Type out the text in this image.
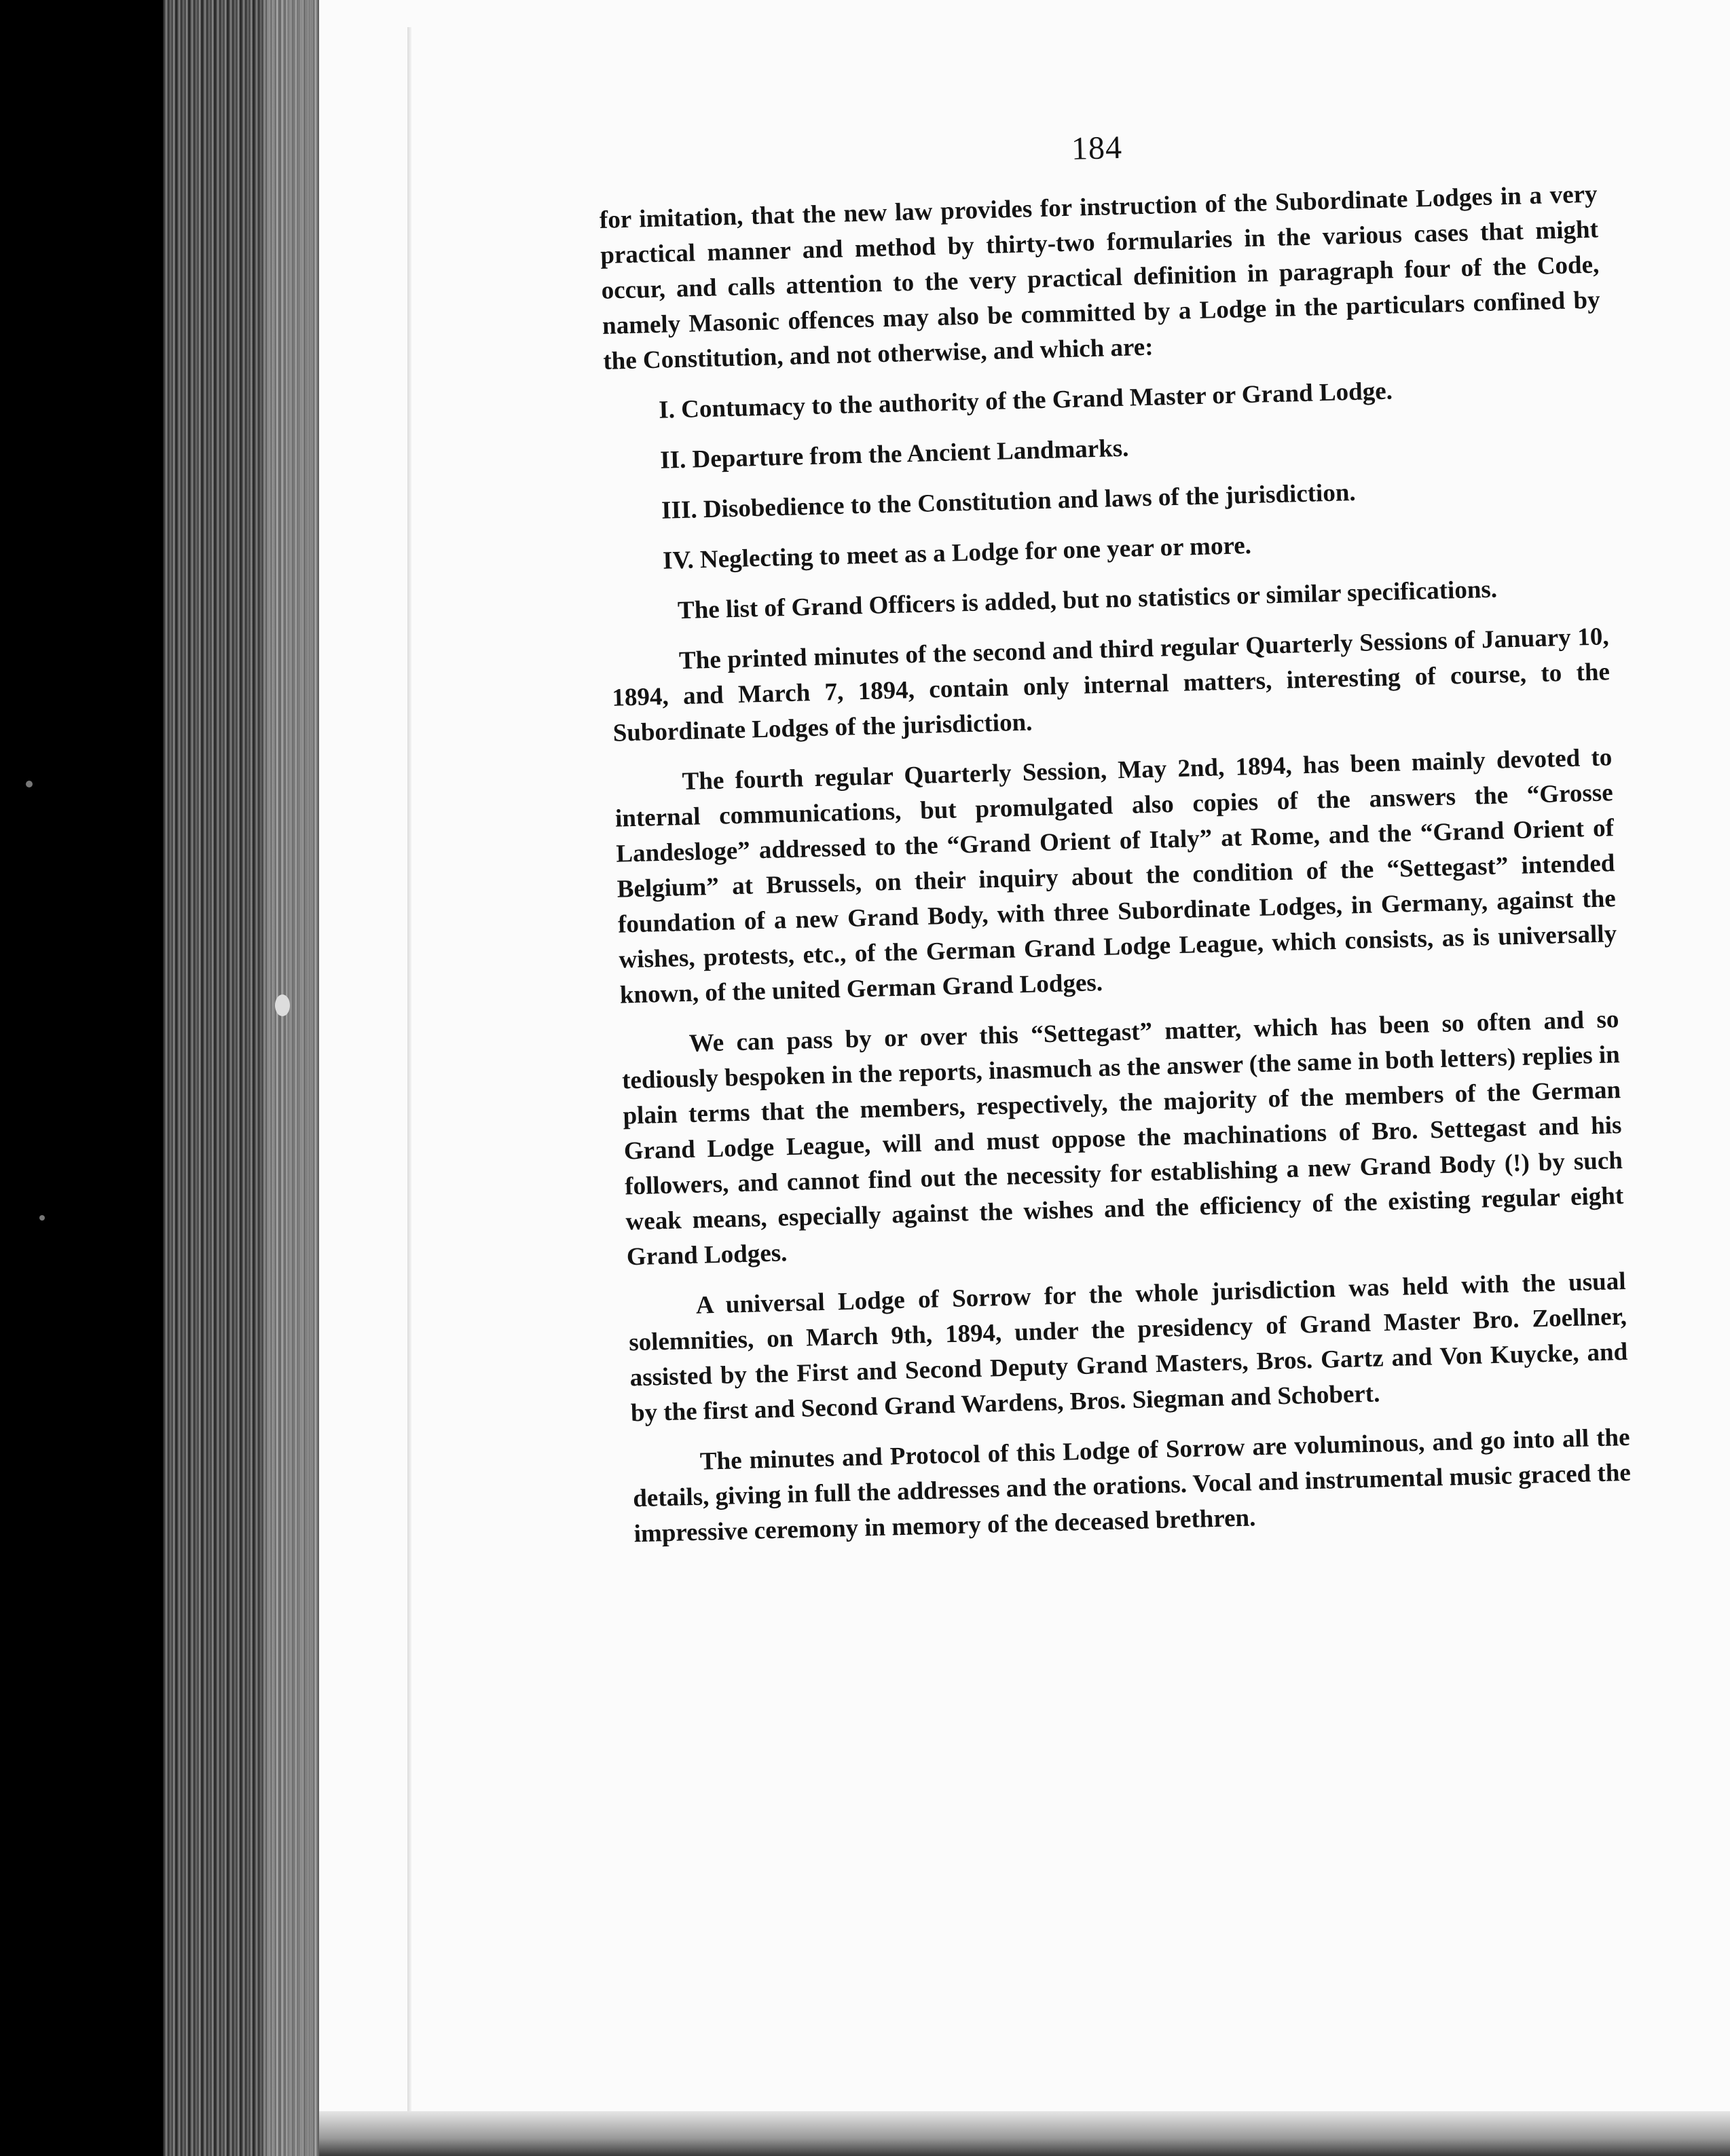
184

for imitation, that the new law provides for instruction of the Subordinate Lodges in a very practical manner and method by thirty-two formularies in the various cases that might occur, and calls attention to the very practical definition in paragraph four of the Code, namely Masonic offences may also be committed by a Lodge in the particulars confined by the Constitution, and not otherwise, and which are:

I. Contumacy to the authority of the Grand Master or Grand Lodge.

II. Departure from the Ancient Landmarks.

III. Disobedience to the Constitution and laws of the jurisdiction.

IV. Neglecting to meet as a Lodge for one year or more.

The list of Grand Officers is added, but no statistics or similar specifications.

The printed minutes of the second and third regular Quarterly Sessions of January 10, 1894, and March 7, 1894, contain only internal matters, interesting of course, to the Subordinate Lodges of the jurisdiction.

The fourth regular Quarterly Session, May 2nd, 1894, has been mainly devoted to internal communications, but promulgated also copies of the answers the “Grosse Landesloge” addressed to the “Grand Orient of Italy” at Rome, and the “Grand Orient of Belgium” at Brussels, on their inquiry about the condition of the “Settegast” intended foundation of a new Grand Body, with three Subordinate Lodges, in Germany, against the wishes, protests, etc., of the German Grand Lodge League, which consists, as is universally known, of the united German Grand Lodges.

We can pass by or over this “Settegast” matter, which has been so often and so tediously bespoken in the reports, inasmuch as the answer (the same in both letters) replies in plain terms that the members, respectively, the majority of the members of the German Grand Lodge League, will and must oppose the machinations of Bro. Settegast and his followers, and cannot find out the necessity for establishing a new Grand Body (!) by such weak means, especially against the wishes and the efficiency of the existing regular eight Grand Lodges.

A universal Lodge of Sorrow for the whole jurisdiction was held with the usual solemnities, on March 9th, 1894, under the presidency of Grand Master Bro. Zoellner, assisted by the First and Second Deputy Grand Masters, Bros. Gartz and Von Kuycke, and by the first and Second Grand Wardens, Bros. Siegman and Schobert.

The minutes and Protocol of this Lodge of Sorrow are voluminous, and go into all the details, giving in full the addresses and the orations. Vocal and instrumental music graced the impressive ceremony in memory of the deceased brethren.
